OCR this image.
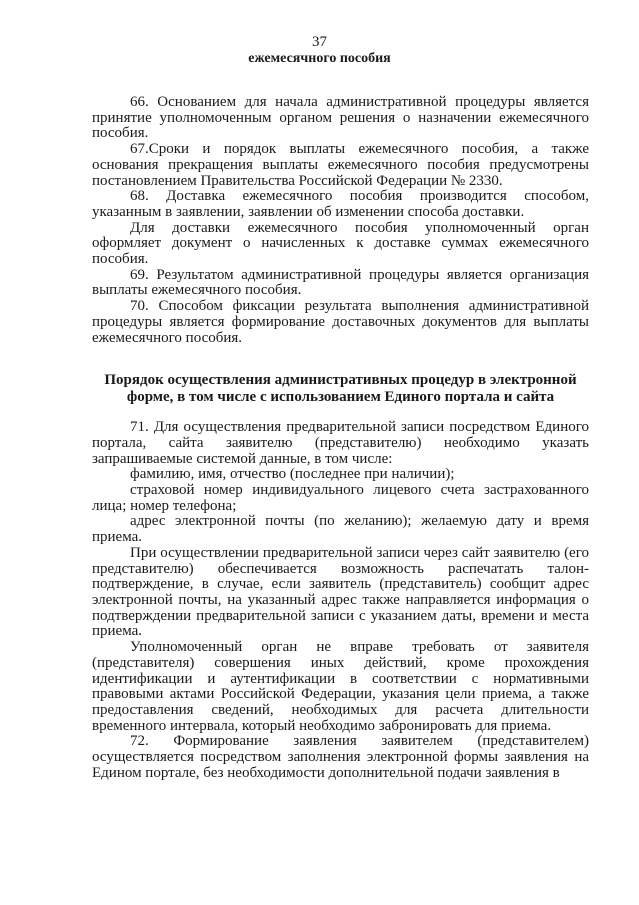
37

ежемесячного пособия

66. Основанием для начала административной процедуры является принятие уполномоченным органом решения о назначении ежемесячного пособия.

67.Сроки и порядок выплаты ежемесячного пособия, а также основания прекращения выплаты ежемесячного пособия предусмотрены постановлением Правительства Российской Федерации № 2330.

68. Доставка ежемесячного пособия производится способом, указанным в заявлении, заявлении об изменении способа доставки.

Для доставки ежемесячного пособия уполномоченный орган оформляет документ о начисленных к доставке суммах ежемесячного пособия.

69. Результатом административной процедуры является организация выплаты ежемесячного пособия.

70. Способом фиксации результата выполнения административной процедуры является формирование доставочных документов для выплаты ежемесячного пособия.

Порядок осуществления административных процедур в электронной
форме, в том числе с использованием Единого портала и сайта

71. Для осуществления предварительной записи посредством Единого портала, сайта заявителю (представителю) необходимо указать запрашиваемые системой данные, в том числе:

фамилию, имя, отчество (последнее при наличии);

страховой номер индивидуального лицевого счета застрахованного лица; номер телефона;

адрес электронной почты (по желанию); желаемую дату и время приема.

При осуществлении предварительной записи через сайт заявителю (его представителю) обеспечивается возможность распечатать талон-подтверждение, в случае, если заявитель (представитель) сообщит адрес электронной почты, на указанный адрес также направляется информация о подтверждении предварительной записи с указанием даты, времени и места приема.

Уполномоченный орган не вправе требовать от заявителя (представителя) совершения иных действий, кроме прохождения идентификации и аутентификации в соответствии с нормативными правовыми актами Российской Федерации, указания цели приема, а также предоставления сведений, необходимых для расчета длительности временного интервала, который необходимо забронировать для приема.

72. Формирование заявления заявителем (представителем) осуществляется посредством заполнения электронной формы заявления на Едином портале, без необходимости дополнительной подачи заявления в
